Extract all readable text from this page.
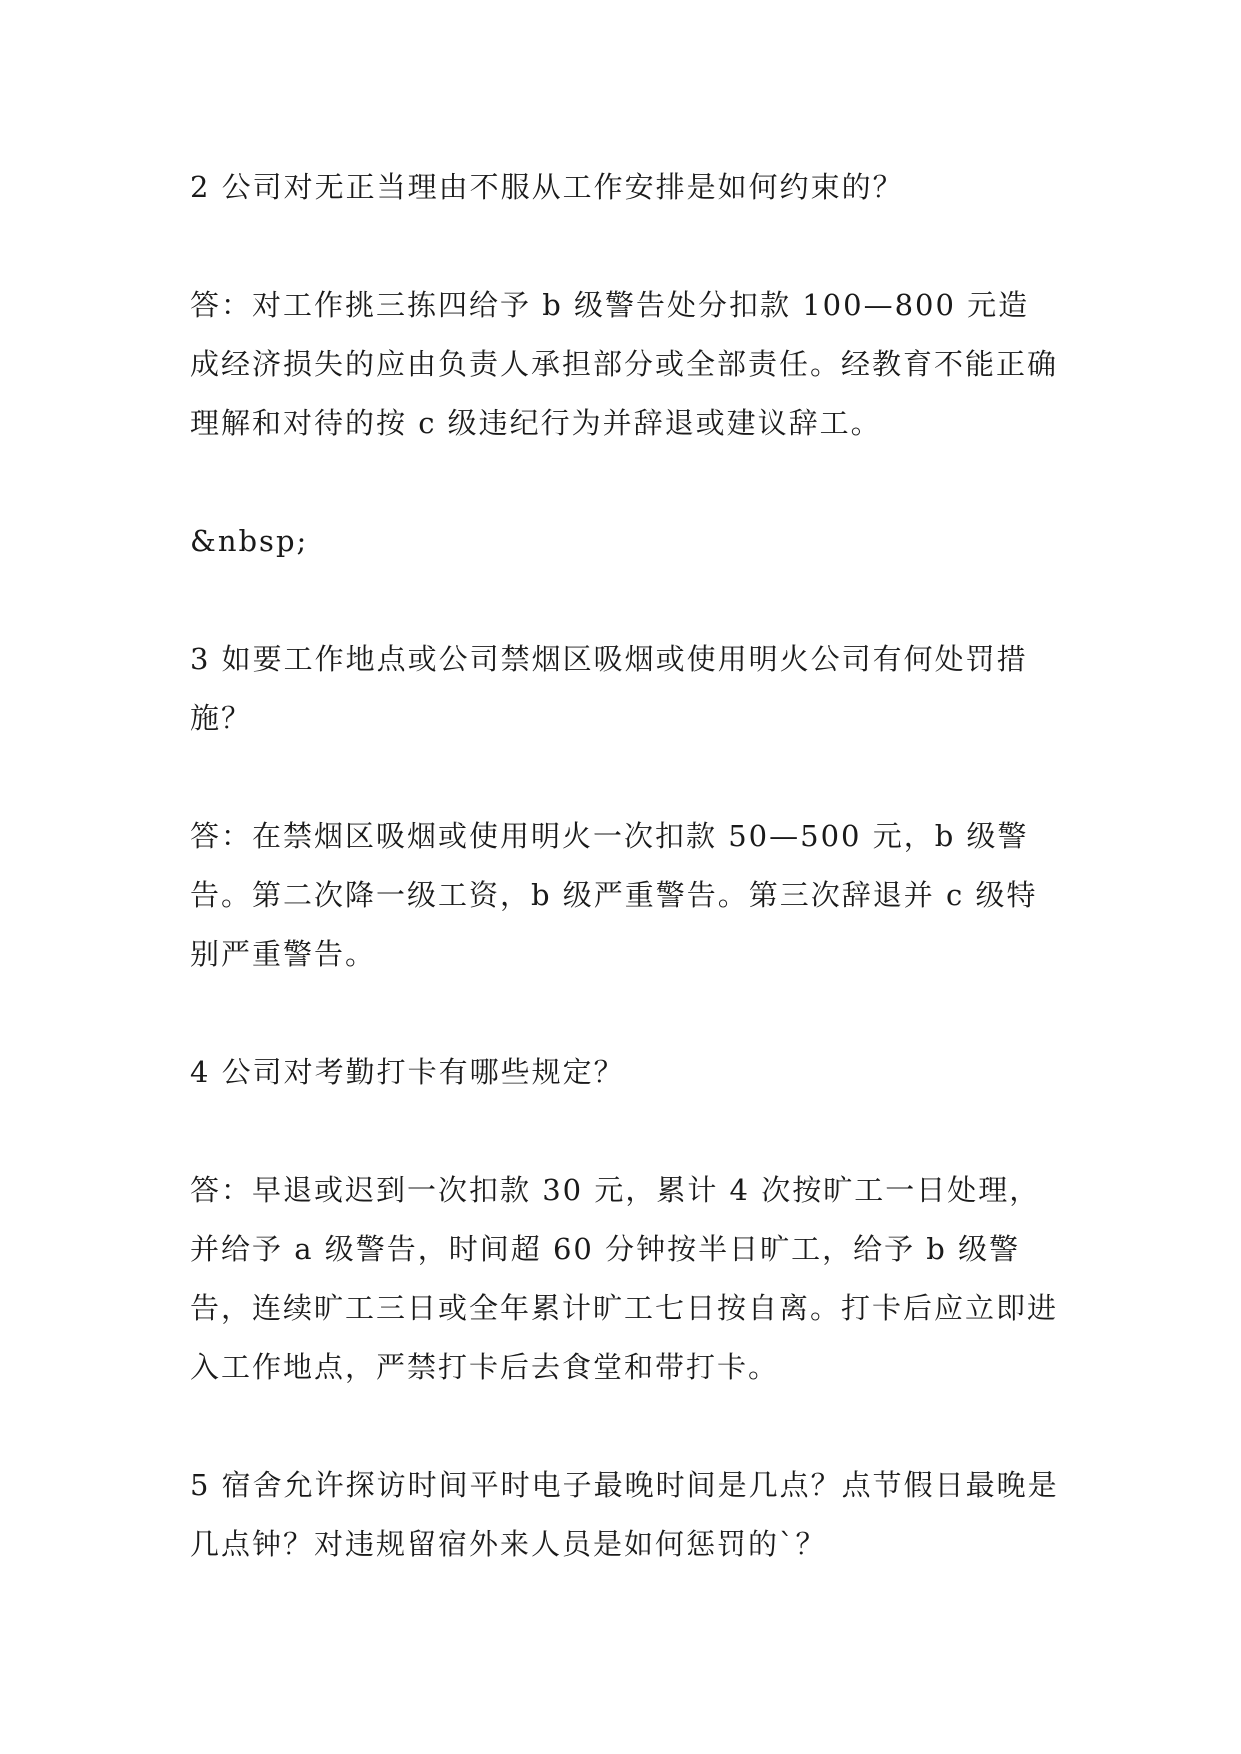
2 公司对无正当理由不服从工作安排是如何约束的？

答：对工作挑三拣四给予 b 级警告处分扣款 100—800 元造成经济损失的应由负责人承担部分或全部责任。经教育不能正确理解和对待的按 c 级违纪行为并辞退或建议辞工。

&nbsp;

3 如要工作地点或公司禁烟区吸烟或使用明火公司有何处罚措施？

答：在禁烟区吸烟或使用明火一次扣款 50—500 元，b 级警告。第二次降一级工资，b 级严重警告。第三次辞退并 c 级特别严重警告。

4 公司对考勤打卡有哪些规定？

答：早退或迟到一次扣款 30 元，累计 4 次按旷工一日处理，并给予 a 级警告，时间超 60 分钟按半日旷工，给予 b 级警告，连续旷工三日或全年累计旷工七日按自离。打卡后应立即进入工作地点，严禁打卡后去食堂和带打卡。

5 宿舍允许探访时间平时电子最晚时间是几点？点节假日最晚是几点钟？对违规留宿外来人员是如何惩罚的`？
